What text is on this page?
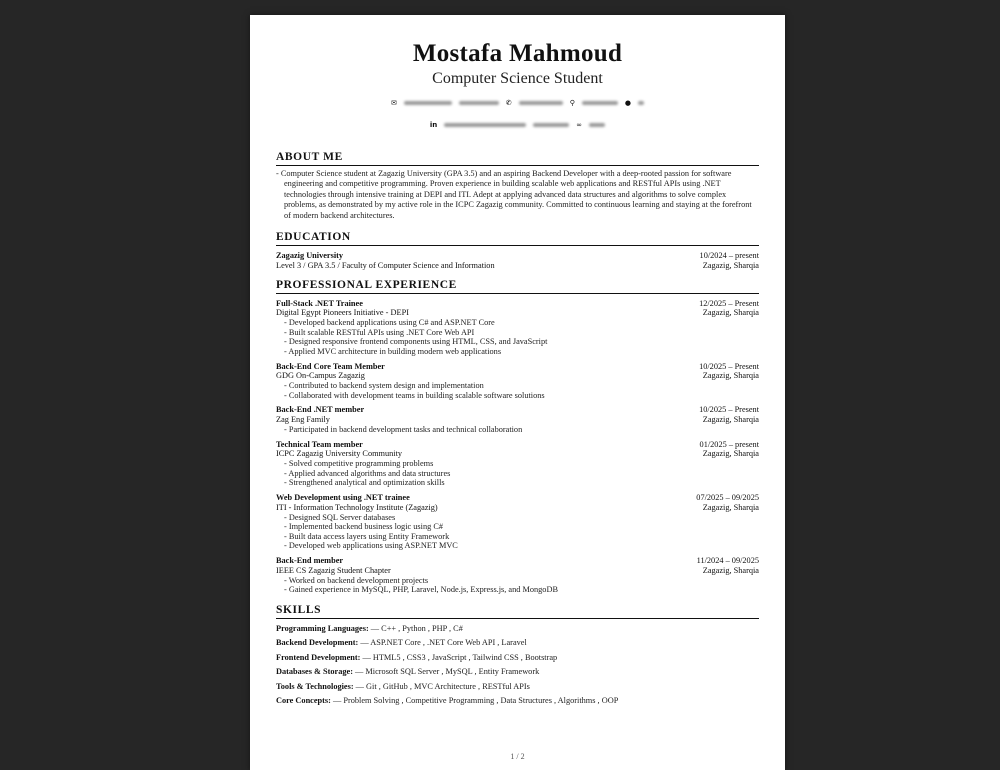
Mostafa Mahmoud
Computer Science Student
✉	✆	⚲	●
in	∞
ABOUT ME
- Computer Science student at Zagazig University (GPA 3.5) and an aspiring Backend Developer with a deep-rooted passion for software engineering and competitive programming. Proven experience in building scalable web applications and RESTful APIs using .NET technologies through intensive training at DEPI and ITI. Adept at applying advanced data structures and algorithms to solve complex problems, as demonstrated by my active role in the ICPC Zagazig community. Committed to continuous learning and staying at the forefront of modern backend architectures.
EDUCATION
Zagazig University	10/2024 – present
Level 3 / GPA 3.5 / Faculty of Computer Science and Information	Zagazig, Sharqia
PROFESSIONAL EXPERIENCE
Full-Stack .NET Trainee	12/2025 – Present
Digital Egypt Pioneers Initiative - DEPI	Zagazig, Sharqia
- Developed backend applications using C# and ASP.NET Core
- Built scalable RESTful APIs using .NET Core Web API
- Designed responsive frontend components using HTML, CSS, and JavaScript
- Applied MVC architecture in building modern web applications
Back-End Core Team Member	10/2025 – Present
GDG On-Campus Zagazig	Zagazig, Sharqia
- Contributed to backend system design and implementation
- Collaborated with development teams in building scalable software solutions
Back-End .NET member	10/2025 – Present
Zag Eng Family	Zagazig, Sharqia
- Participated in backend development tasks and technical collaboration
Technical Team member	01/2025 – present
ICPC Zagazig University Community	Zagazig, Sharqia
- Solved competitive programming problems
- Applied advanced algorithms and data structures
- Strengthened analytical and optimization skills
Web Development using .NET trainee	07/2025 – 09/2025
ITI - Information Technology Institute (Zagazig)	Zagazig, Sharqia
- Designed SQL Server databases
- Implemented backend business logic using C#
- Built data access layers using Entity Framework
- Developed web applications using ASP.NET MVC
Back-End member	11/2024 – 09/2025
IEEE CS Zagazig Student Chapter	Zagazig, Sharqia
- Worked on backend development projects
- Gained experience in MySQL, PHP, Laravel, Node.js, Express.js, and MongoDB
SKILLS
Programming Languages: — C++ , Python , PHP , C#
Backend Development: — ASP.NET Core , .NET Core Web API , Laravel
Frontend Development: — HTML5 , CSS3 , JavaScript , Tailwind CSS , Bootstrap
Databases & Storage: — Microsoft SQL Server , MySQL , Entity Framework
Tools & Technologies: — Git , GitHub , MVC Architecture , RESTful APIs
Core Concepts: — Problem Solving , Competitive Programming , Data Structures , Algorithms , OOP
1 / 2
